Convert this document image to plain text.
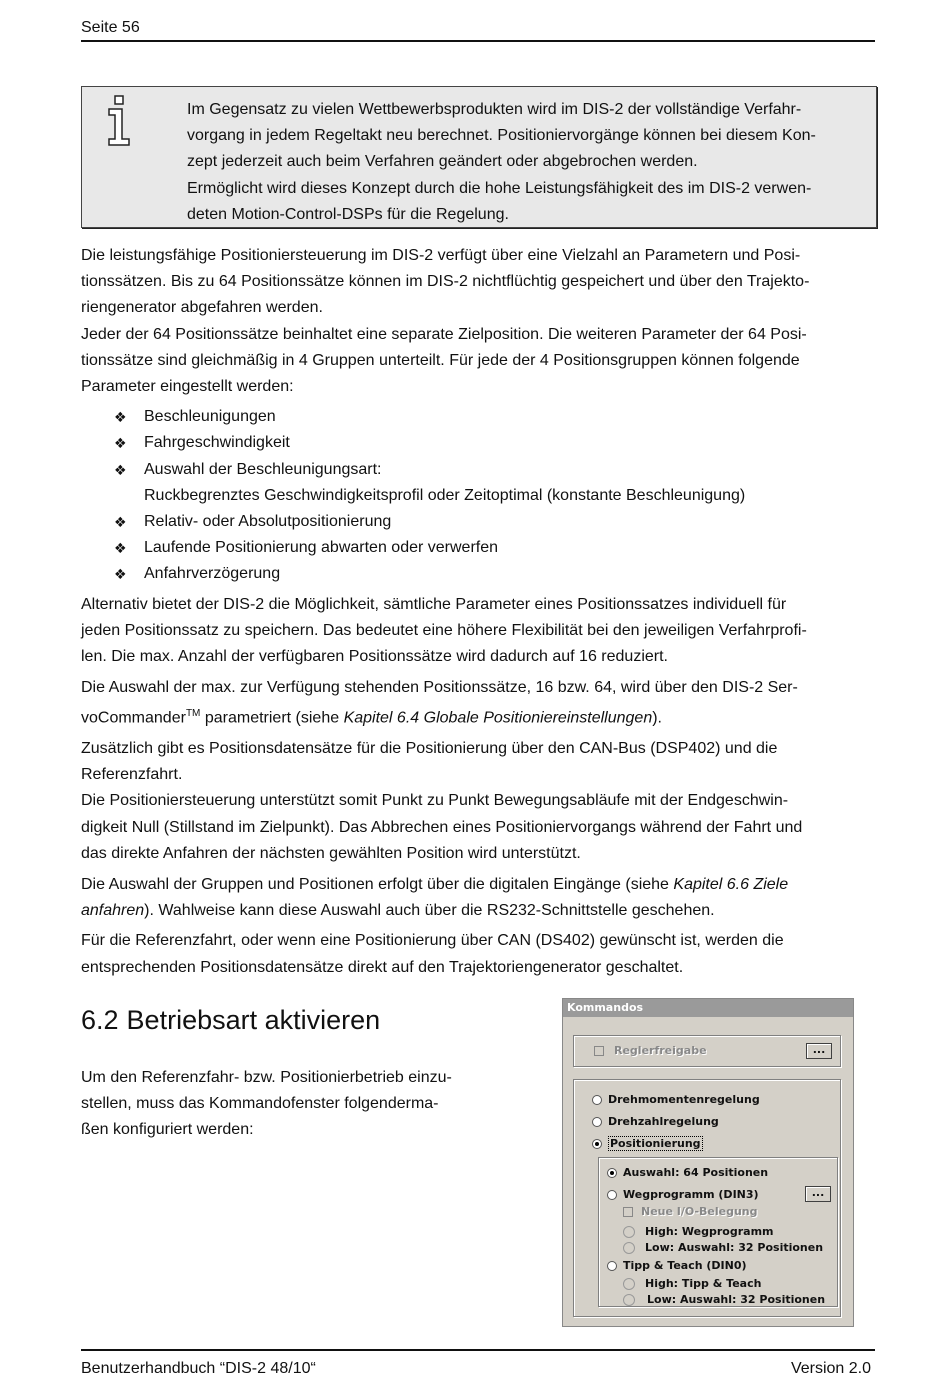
Seite 56
Im Gegensatz zu vielen Wettbewerbsprodukten wird im DIS-2 der vollständige Verfahr-
vorgang in jedem Regeltakt neu berechnet. Positioniervorgänge können bei diesem Kon-
zept jederzeit auch beim Verfahren geändert oder abgebrochen werden.
Ermöglicht wird dieses Konzept durch die hohe Leistungsfähigkeit des im DIS-2 verwen-
deten Motion-Control-DSPs für die Regelung.

Die leistungsfähige Positioniersteuerung im DIS-2 verfügt über eine Vielzahl an Parametern und Posi-
tionssätzen. Bis zu 64 Positionssätze können im DIS-2 nichtflüchtig gespeichert und über den Trajekto-
riengenerator abgefahren werden.

Jeder der 64 Positionssätze beinhaltet eine separate Zielposition. Die weiteren Parameter der 64 Posi-
tionssätze sind gleichmäßig in 4 Gruppen unterteilt. Für jede der 4 Positionsgruppen können folgende
Parameter eingestellt werden:

❖ Beschleunigungen
❖ Fahrgeschwindigkeit
❖ Auswahl der Beschleunigungsart:
Ruckbegrenztes Geschwindigkeitsprofil oder Zeitoptimal (konstante Beschleunigung)
❖ Relativ- oder Absolutpositionierung
❖ Laufende Positionierung abwarten oder verwerfen
❖ Anfahrverzögerung

Alternativ bietet der DIS-2 die Möglichkeit, sämtliche Parameter eines Positionssatzes individuell für
jeden Positionssatz zu speichern. Das bedeutet eine höhere Flexibilität bei den jeweiligen Verfahrprofi-
len. Die max. Anzahl der verfügbaren Positionssätze wird dadurch auf 16 reduziert.

Die Auswahl der max. zur Verfügung stehenden Positionssätze, 16 bzw. 64, wird über den DIS-2 Ser-
voCommander™ parametriert (siehe Kapitel 6.4 Globale Positioniereinstellungen).

Zusätzlich gibt es Positionsdatensätze für die Positionierung über den CAN-Bus (DSP402) und die
Referenzfahrt.

Die Positioniersteuerung unterstützt somit Punkt zu Punkt Bewegungsabläufe mit der Endgeschwin-
digkeit Null (Stillstand im Zielpunkt). Das Abbrechen eines Positioniervorgangs während der Fahrt und
das direkte Anfahren der nächsten gewählten Position wird unterstützt.

Die Auswahl der Gruppen und Positionen erfolgt über die digitalen Eingänge (siehe Kapitel 6.6 Ziele
anfahren). Wahlweise kann diese Auswahl auch über die RS232-Schnittstelle geschehen.

Für die Referenzfahrt, oder wenn eine Positionierung über CAN (DS402) gewünscht ist, werden die
entsprechenden Positionsdatensätze direkt auf den Trajektoriengenerator geschaltet.

6.2 Betriebsart aktivieren
Um den Referenzfahr- bzw. Positionierbetrieb einzu-
stellen, muss das Kommandofenster folgenderma-
ßen konfiguriert werden:
Kommandos
Reglerfreigabe	...
Drehmomentenregelung
Drehzahlregelung
Positionierung
Auswahl: 64 Positionen
Wegprogramm (DIN3)	...
Neue I/O-Belegung
High: Wegprogramm
Low: Auswahl: 32 Positionen
Tipp & Teach (DIN0)
High: Tipp & Teach
Low: Auswahl: 32 Positionen
Benutzerhandbuch “DIS-2 48/10“	Version 2.0
